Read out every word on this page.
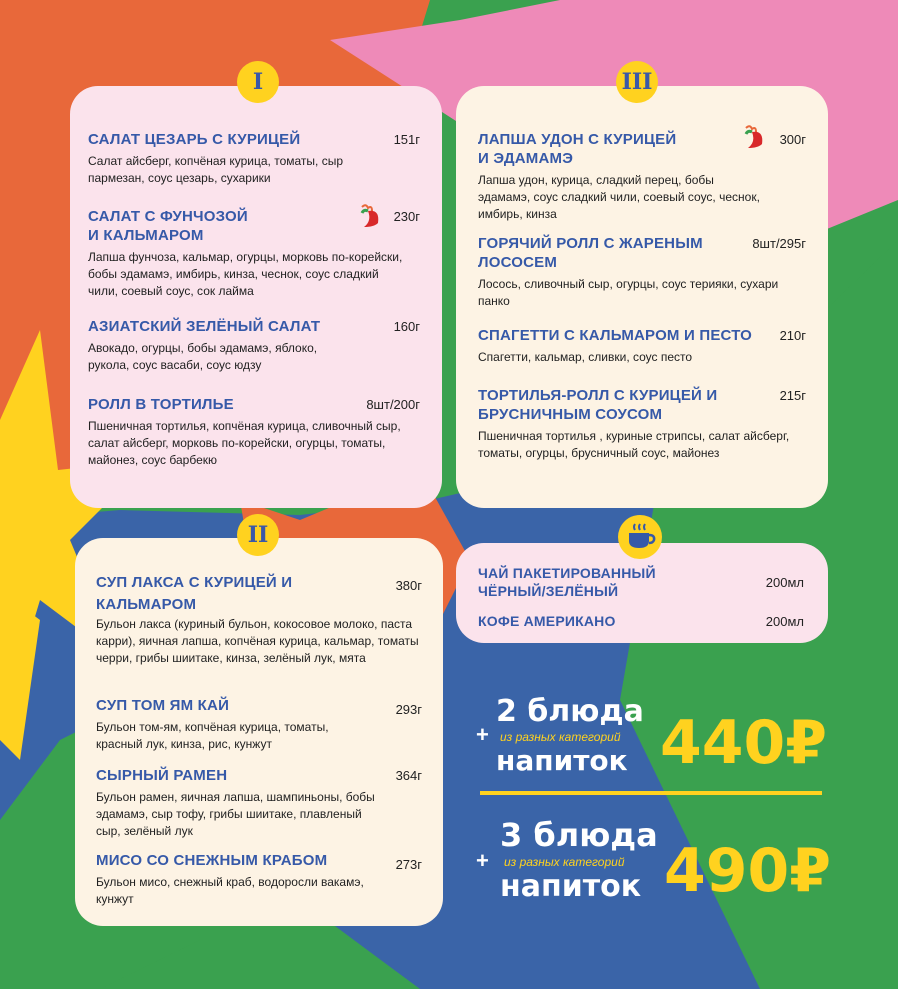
I
САЛАТ ЦЕЗАРЬ С КУРИЦЕЙ	151г
Салат айсберг, копчёная курица, томаты, сыр пармезан, соус цезарь, сухарики
САЛАТ С ФУНЧОЗОЙ И КАЛЬМАРОМ
230г
Лапша фунчоза, кальмар, огурцы, морковь по-корейски, бобы эдамамэ, имбирь, кинза, чеснок, соус сладкий чили, соевый соус, сок лайма
АЗИАТСКИЙ ЗЕЛЁНЫЙ САЛАТ	160г
Авокадо, огурцы, бобы эдамамэ, яблоко, рукола, соус васаби, соус юдзу
РОЛЛ В ТОРТИЛЬЕ	8шт/200г
Пшеничная тортилья, копчёная курица, сливочный сыр, салат айсберг, морковь по-корейски, огурцы, томаты, майонез, соус барбекю
III
ЛАПША УДОН С КУРИЦЕЙ И ЭДАМАМЭ
300г
Лапша удон, курица, сладкий перец, бобы эдамамэ, соус сладкий чили, соевый соус, чеснок, имбирь, кинза
ГОРЯЧИЙ РОЛЛ С ЖАРЕНЫМ ЛОСОСЕМ
8шт/295г
Лосось, сливочный сыр, огурцы, соус терияки, сухари панко
СПАГЕТТИ С КАЛЬМАРОМ И ПЕСТО	210г
Спагетти, кальмар, сливки, соус песто
ТОРТИЛЬЯ-РОЛЛ С КУРИЦЕЙ И БРУСНИЧНЫМ СОУСОМ
215г
Пшеничная тортилья , куриные стрипсы, салат айсберг, томаты, огурцы, брусничный соус, майонез
II
СУП ЛАКСА С КУРИЦЕЙ И КАЛЬМАРОМ
380г
Бульон лакса (куриный бульон, кокосовое молоко, паста карри), яичная лапша, копчёная курица, кальмар, томаты черри, грибы шиитаке, кинза, зелёный лук, мята
СУП ТОМ ЯМ КАЙ	293г
Бульон том-ям, копчёная курица, томаты, красный лук, кинза, рис, кунжут
СЫРНЫЙ РАМЕН	364г
Бульон рамен, яичная лапша, шампиньоны, бобы эдамамэ, сыр тофу, грибы шиитаке, плавленый сыр, зелёный лук
МИСО СО СНЕЖНЫМ КРАБОМ	273г
Бульон мисо, снежный краб, водоросли вакамэ, кунжут
ЧАЙ ПАКЕТИРОВАННЫЙ ЧЁРНЫЙ/ЗЕЛЁНЫЙ
200мл
КОФЕ АМЕРИКАНО	200мл
+
2 блюда
из разных категорий
напиток 440₽
+
3 блюда
из разных категорий
напиток 490₽
